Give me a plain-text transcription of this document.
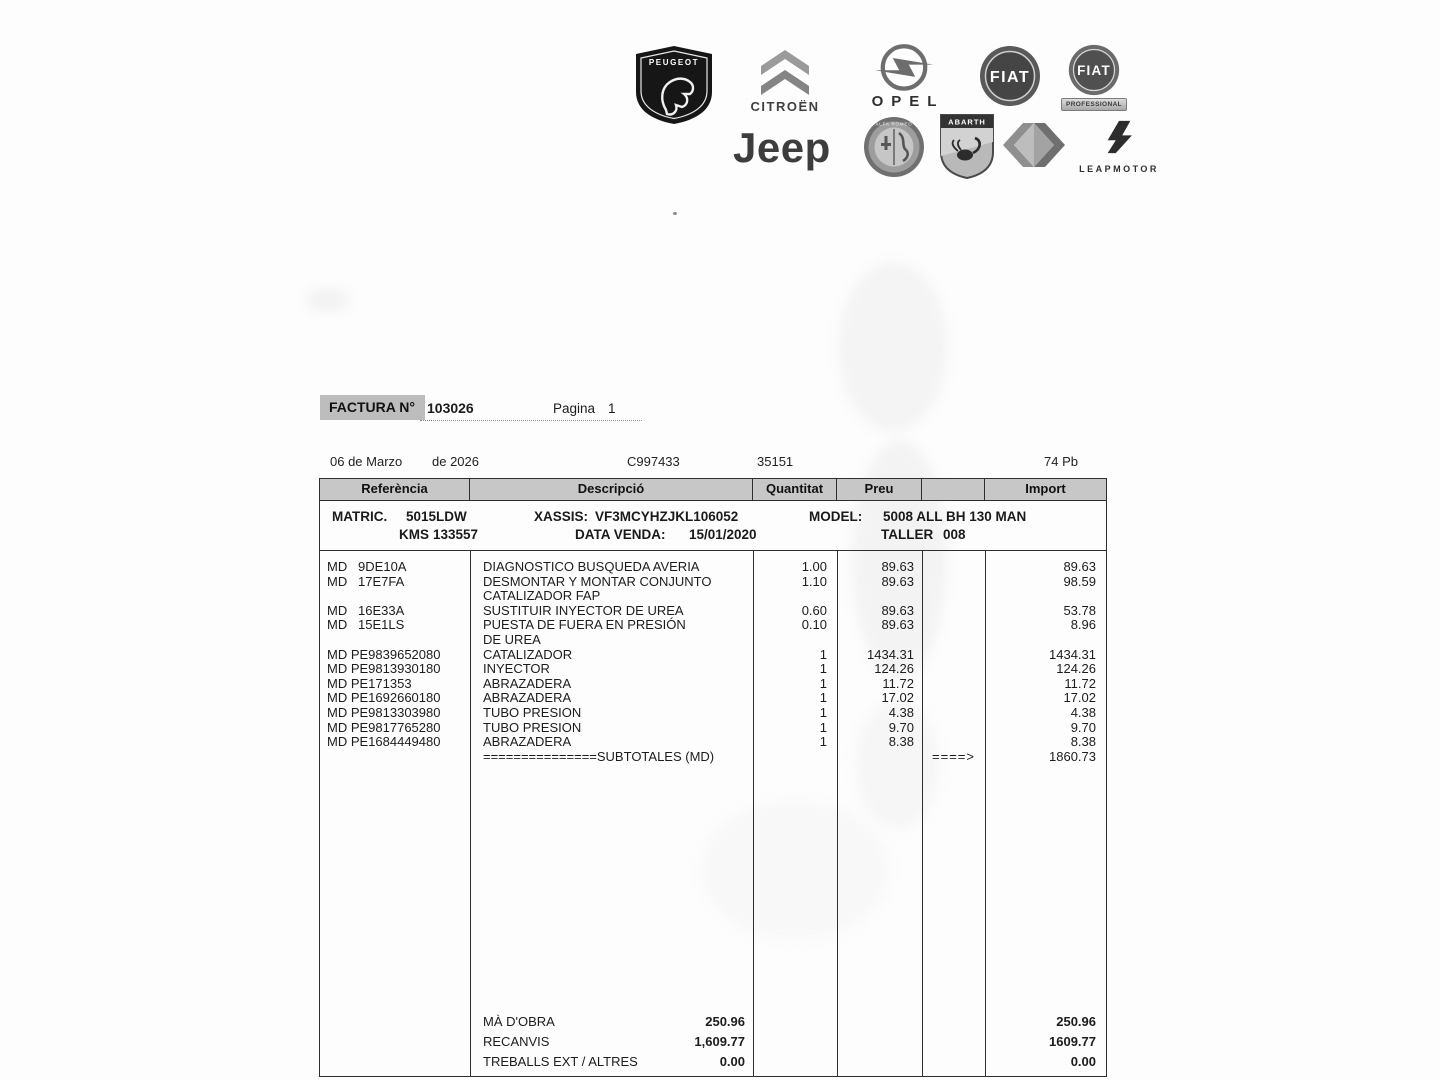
PEUGEOT
CITROËN	OPEL
FIAT	FIAT
PROFESSIONAL
Jeep	ALFA ROMEO	ABARTH
LEAPMOTOR
FACTURA N° 103026	Pagina 1
06 de Marzo de 2026	C997433	35151	74 Pb
Referència	Descripció	Quantitat	Preu	Import
MATRIC. 5015LDW	XASSIS: VF3MCYHZJKL106052	MODEL: 5008 ALL BH 130 MAN
KMS 133557	DATA VENDA: 15/01/2020	TALLER 008
MD   9DE10A	DIAGNOSTICO BUSQUEDA AVERIA	1.00	89.63	89.63
MD   17E7FA	DESMONTAR Y MONTAR CONJUNTO	1.10	89.63	98.59
CATALIZADOR FAP
MD   16E33A	SUSTITUIR INYECTOR DE UREA	0.60	89.63	53.78
MD   15E1LS	PUESTA DE FUERA EN PRESIÓN	0.10	89.63	8.96
DE UREA
MD PE9839652080	CATALIZADOR	1	1434.31	1434.31
MD PE9813930180	INYECTOR	1	124.26	124.26
MD PE171353	ABRAZADERA	1	11.72	11.72
MD PE1692660180	ABRAZADERA	1	17.02	17.02
MD PE9813303980	TUBO PRESION	1	4.38	4.38
MD PE9817765280	TUBO PRESION	1	9.70	9.70
MD PE1684449480	ABRAZADERA	1	8.38	8.38
===============SUBTOTALES (MD)	====>	1860.73
MÀ D'OBRA	250.96	250.96
RECANVIS	1,609.77	1609.77
TREBALLS EXT / ALTRES	0.00	0.00
